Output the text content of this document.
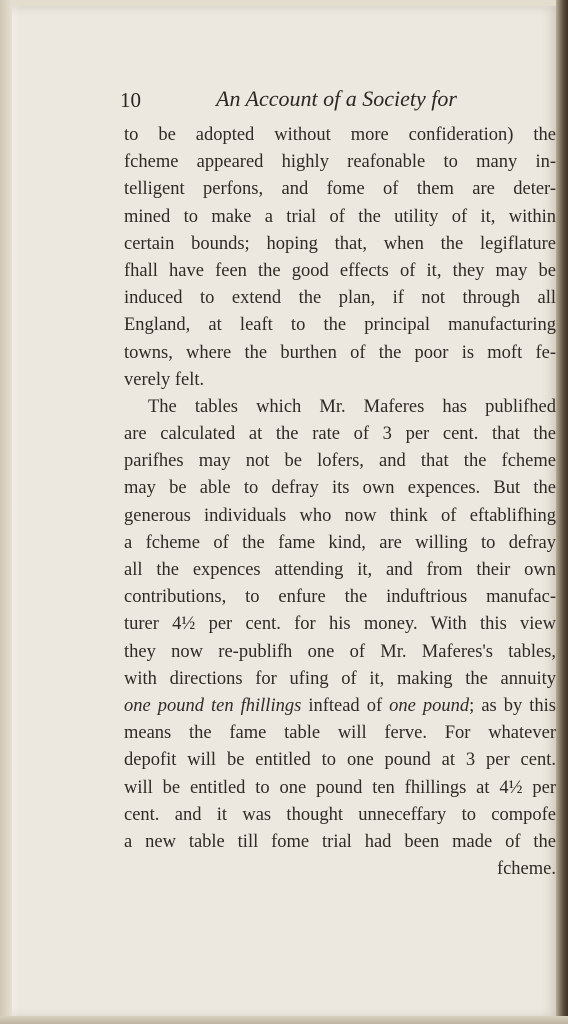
10	An Account of a Society for
to be adopted without more confideration) the
fcheme appeared highly reafonable to many in-
telligent perfons, and fome of them are deter-
mined to make a trial of the utility of it, within
certain bounds; hoping that, when the legiflature
fhall have feen the good effects of it, they may be
induced to extend the plan, if not through all
England, at leaft to the principal manufacturing
towns, where the burthen of the poor is moft fe-
verely felt.
The tables which Mr. Maferes has publifhed
are calculated at the rate of 3 per cent. that the
parifhes may not be lofers, and that the fcheme
may be able to defray its own expences. But the
generous individuals who now think of eftablifhing
a fcheme of the fame kind, are willing to defray
all the expences attending it, and from their own
contributions, to enfure the induftrious manufac-
turer 4½ per cent. for his money. With this view
they now re-publifh one of Mr. Maferes's tables,
with directions for ufing of it, making the annuity
one pound ten fhillings inftead of one pound; as by this
means the fame table will ferve. For whatever
depofit will be entitled to one pound at 3 per cent.
will be entitled to one pound ten fhillings at 4½ per
cent. and it was thought unneceffary to compofe
a new table till fome trial had been made of the
fcheme.
